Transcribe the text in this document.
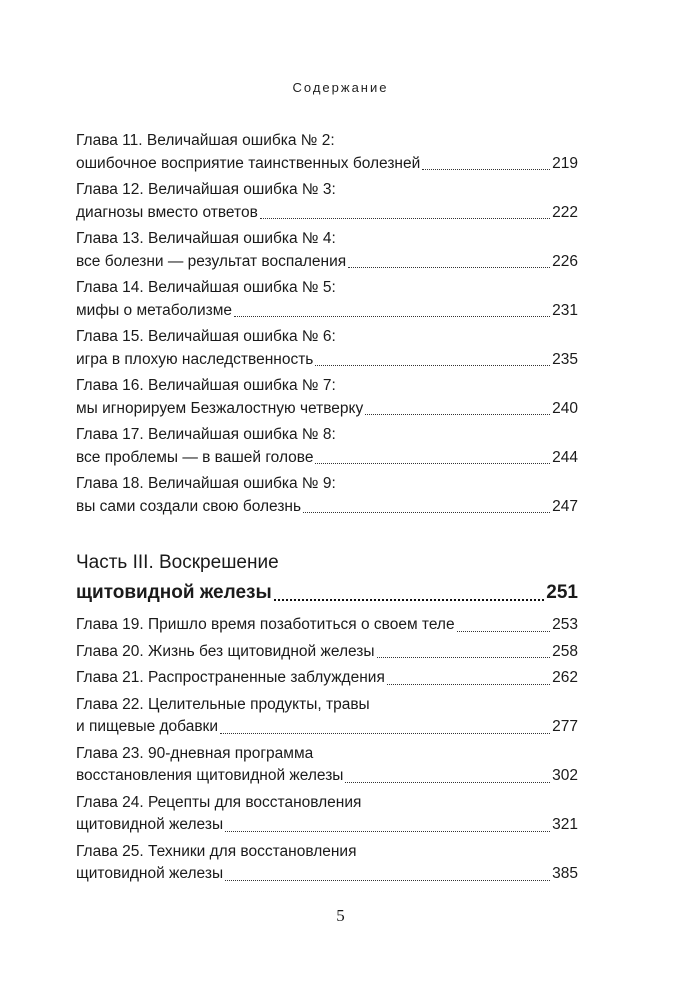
Содержание
Глава 11. Величайшая ошибка № 2:
ошибочное восприятие таинственных болезней	219
Глава 12. Величайшая ошибка № 3:
диагнозы вместо ответов	222
Глава 13. Величайшая ошибка № 4:
все болезни — результат воспаления	226
Глава 14. Величайшая ошибка № 5:
мифы о метаболизме	231
Глава 15. Величайшая ошибка № 6:
игра в плохую наследственность	235
Глава 16. Величайшая ошибка № 7:
мы игнорируем Безжалостную четверку	240
Глава 17. Величайшая ошибка № 8:
все проблемы — в вашей голове	244
Глава 18. Величайшая ошибка № 9:
вы сами создали свою болезнь	247
Часть III. Воскрешение
щитовидной железы	251
Глава 19. Пришло время позаботиться о своем теле	253
Глава 20. Жизнь без щитовидной железы	258
Глава 21. Распространенные заблуждения	262
Глава 22. Целительные продукты, травы
и пищевые добавки	277
Глава 23. 90-дневная программа
восстановления щитовидной железы	302
Глава 24. Рецепты для восстановления
щитовидной железы	321
Глава 25. Техники для восстановления
щитовидной железы	385
5
